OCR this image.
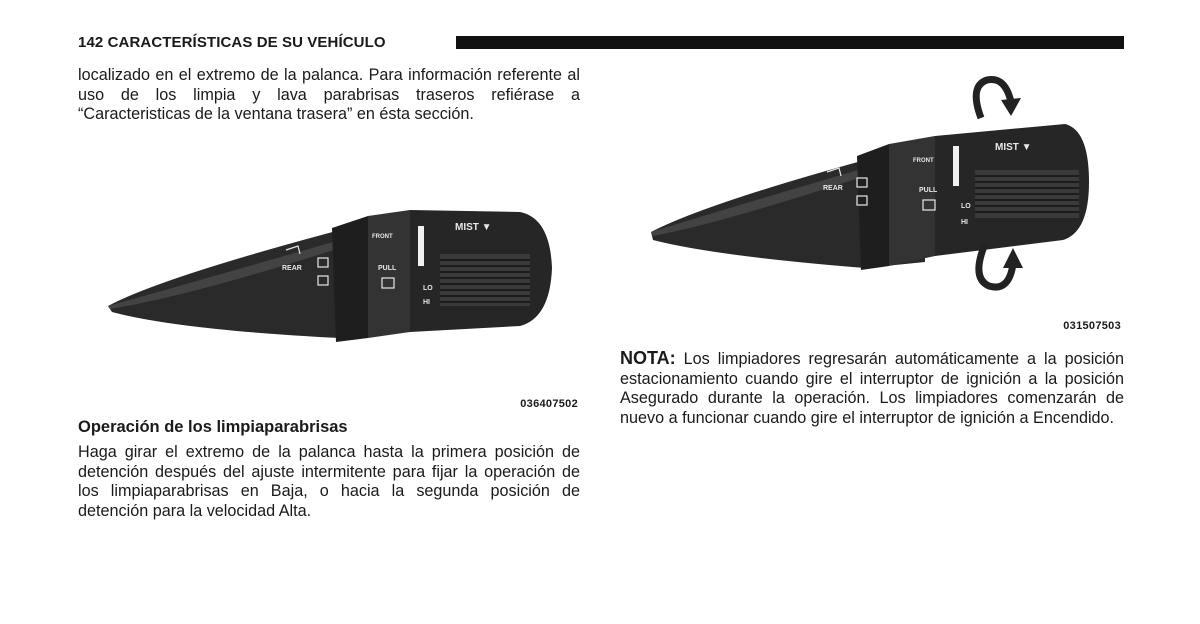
142 CARACTERÍSTICAS DE SU VEHÍCULO
localizado en el extremo de la palanca. Para información referente al uso de los limpia y lava parabrisas traseros refiérase a “Caracteristicas de la ventana trasera” en ésta sección.
MIST ▼
FRONT
PULL
LO
HI
REAR
036407502
Operación de los limpiaparabrisas
Haga girar el extremo de la palanca hasta la primera posición de detención después del ajuste intermitente para fijar la operación de los limpiaparabrisas en Baja, o hacia la segunda posición de detención para la velocidad Alta.
MIST ▼
FRONT
PULL
LO
HI
REAR
031507503
NOTA: Los limpiadores regresarán automáticamente a la posición estacionamiento cuando gire el interruptor de ignición a la posición Asegurado durante la operación. Los limpiadores comenzarán de nuevo a funcionar cuando gire el interruptor de ignición a Encendido.
